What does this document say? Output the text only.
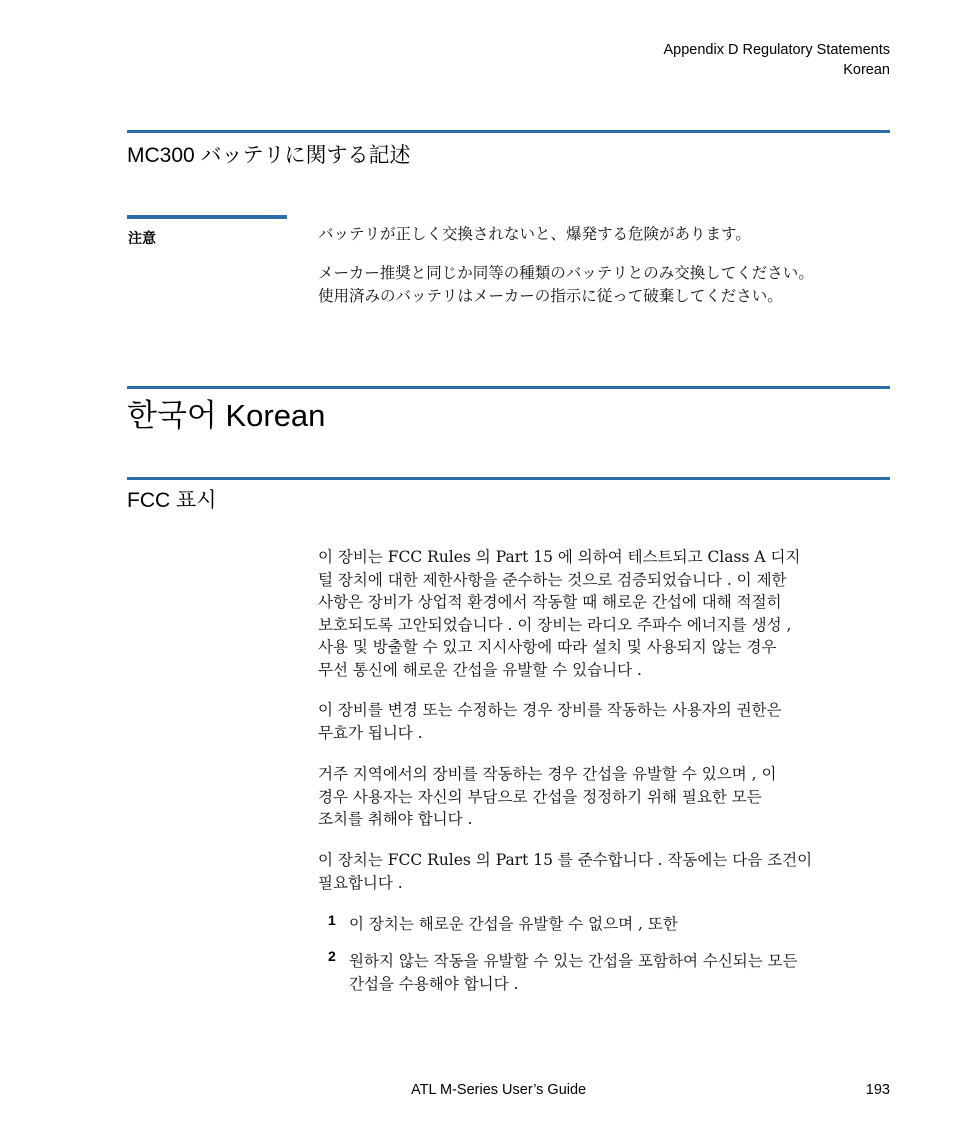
Appendix D Regulatory Statements
Korean
MC300 バッテリに関する記述
注意	バッテリが正しく交換されないと、爆発する危険があります。
メーカー推奨と同じか同等の種類のバッテリとのみ交換してください。
使用済みのバッテリはメーカーの指示に従って破棄してください。
한국어 Korean
FCC 표시
이 장비는 FCC Rules 의 Part 15 에 의하여 테스트되고 Class A 디지
털 장치에 대한 제한사항을 준수하는 것으로 검증되었습니다 . 이 제한
사항은 장비가 상업적 환경에서 작동할 때 해로운 간섭에 대해 적절히
보호되도록 고안되었습니다 . 이 장비는 라디오 주파수 에너지를 생성 ,
사용 및 방출할 수 있고 지시사항에 따라 설치 및 사용되지 않는 경우
무선 통신에 해로운 간섭을 유발할 수 있습니다 .
이 장비를 변경 또는 수정하는 경우 장비를 작동하는 사용자의 권한은
무효가 됩니다 .
거주 지역에서의 장비를 작동하는 경우 간섭을 유발할 수 있으며 , 이
경우 사용자는 자신의 부담으로 간섭을 정정하기 위해 필요한 모든
조치를 취해야 합니다 .
이 장치는 FCC Rules 의 Part 15 를 준수합니다 . 작동에는 다음 조건이
필요합니다 .
1 이 장치는 해로운 간섭을 유발할 수 없으며 , 또한
2 원하지 않는 작동을 유발할 수 있는 간섭을 포함하여 수신되는 모든
간섭을 수용해야 합니다 .
ATL M-Series User’s Guide	193
